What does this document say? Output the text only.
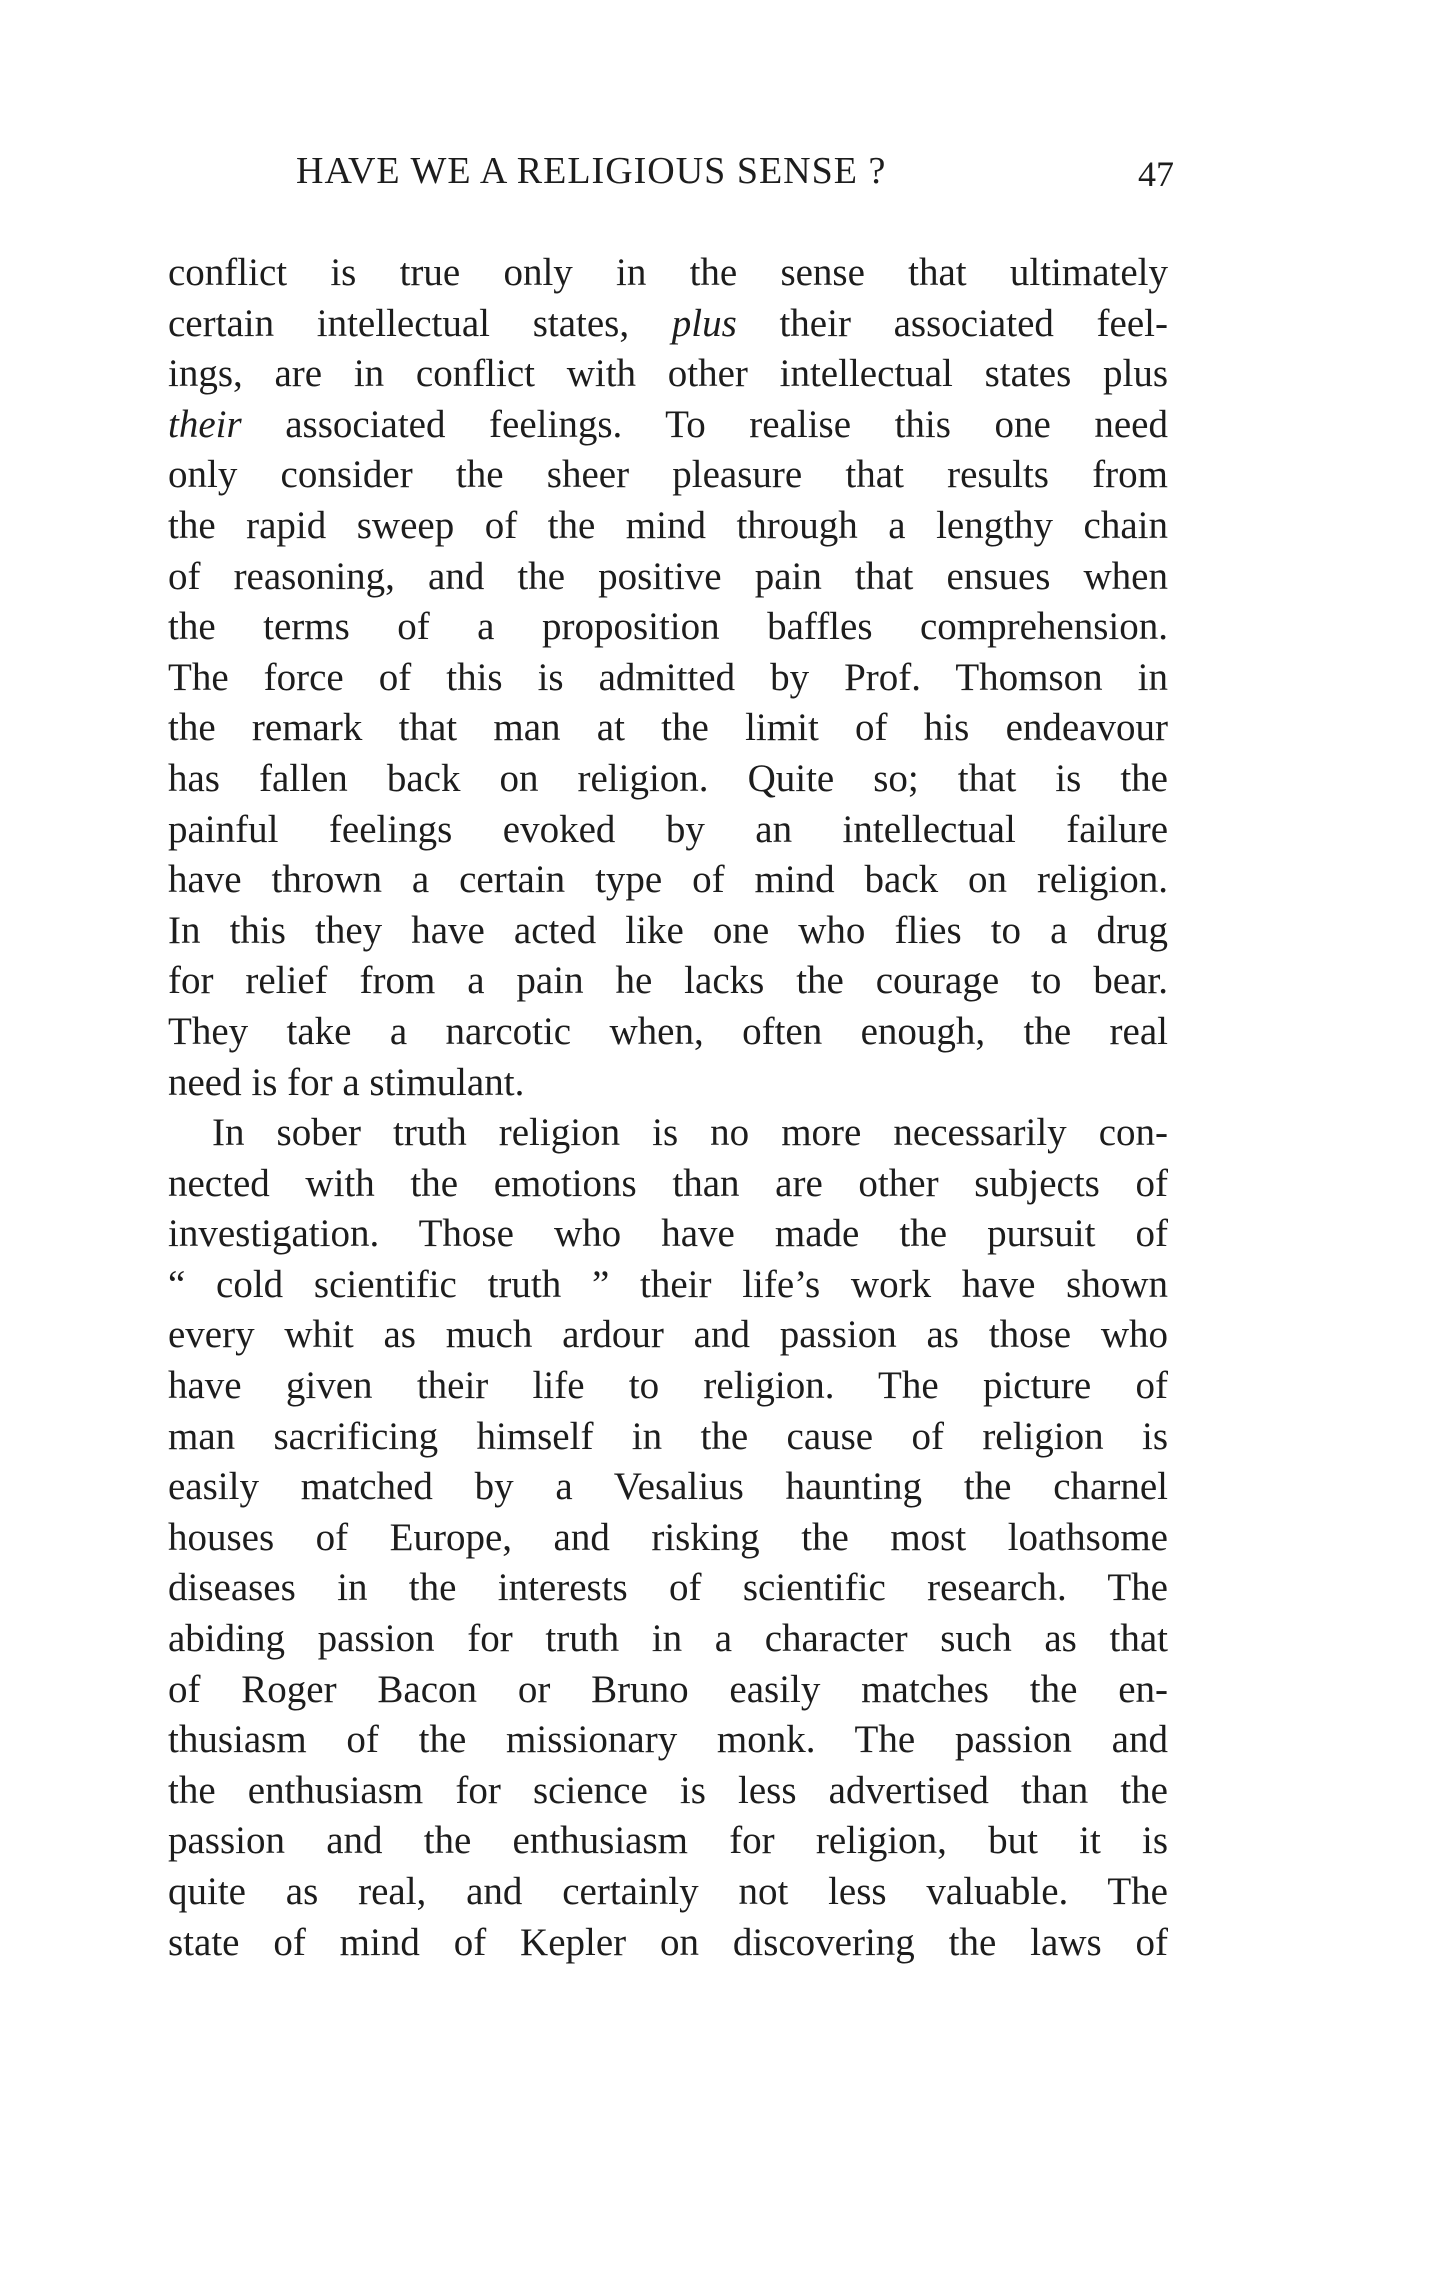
HAVE WE A RELIGIOUS SENSE ?	47
conflict is true only in the sense that ultimately
certain intellectual states, plus their associated feel-
ings, are in conflict with other intellectual states plus
their associated feelings. To realise this one need
only consider the sheer pleasure that results from
the rapid sweep of the mind through a lengthy chain
of reasoning, and the positive pain that ensues when
the terms of a proposition baffles comprehension.
The force of this is admitted by Prof. Thomson in
the remark that man at the limit of his endeavour
has fallen back on religion. Quite so; that is the
painful feelings evoked by an intellectual failure
have thrown a certain type of mind back on religion.
In this they have acted like one who flies to a drug
for relief from a pain he lacks the courage to bear.
They take a narcotic when, often enough, the real
need is for a stimulant.
In sober truth religion is no more necessarily con-
nected with the emotions than are other subjects of
investigation. Those who have made the pursuit of
“ cold scientific truth ” their life’s work have shown
every whit as much ardour and passion as those who
have given their life to religion. The picture of
man sacrificing himself in the cause of religion is
easily matched by a Vesalius haunting the charnel
houses of Europe, and risking the most loathsome
diseases in the interests of scientific research. The
abiding passion for truth in a character such as that
of Roger Bacon or Bruno easily matches the en-
thusiasm of the missionary monk. The passion and
the enthusiasm for science is less advertised than the
passion and the enthusiasm for religion, but it is
quite as real, and certainly not less valuable. The
state of mind of Kepler on discovering the laws of
